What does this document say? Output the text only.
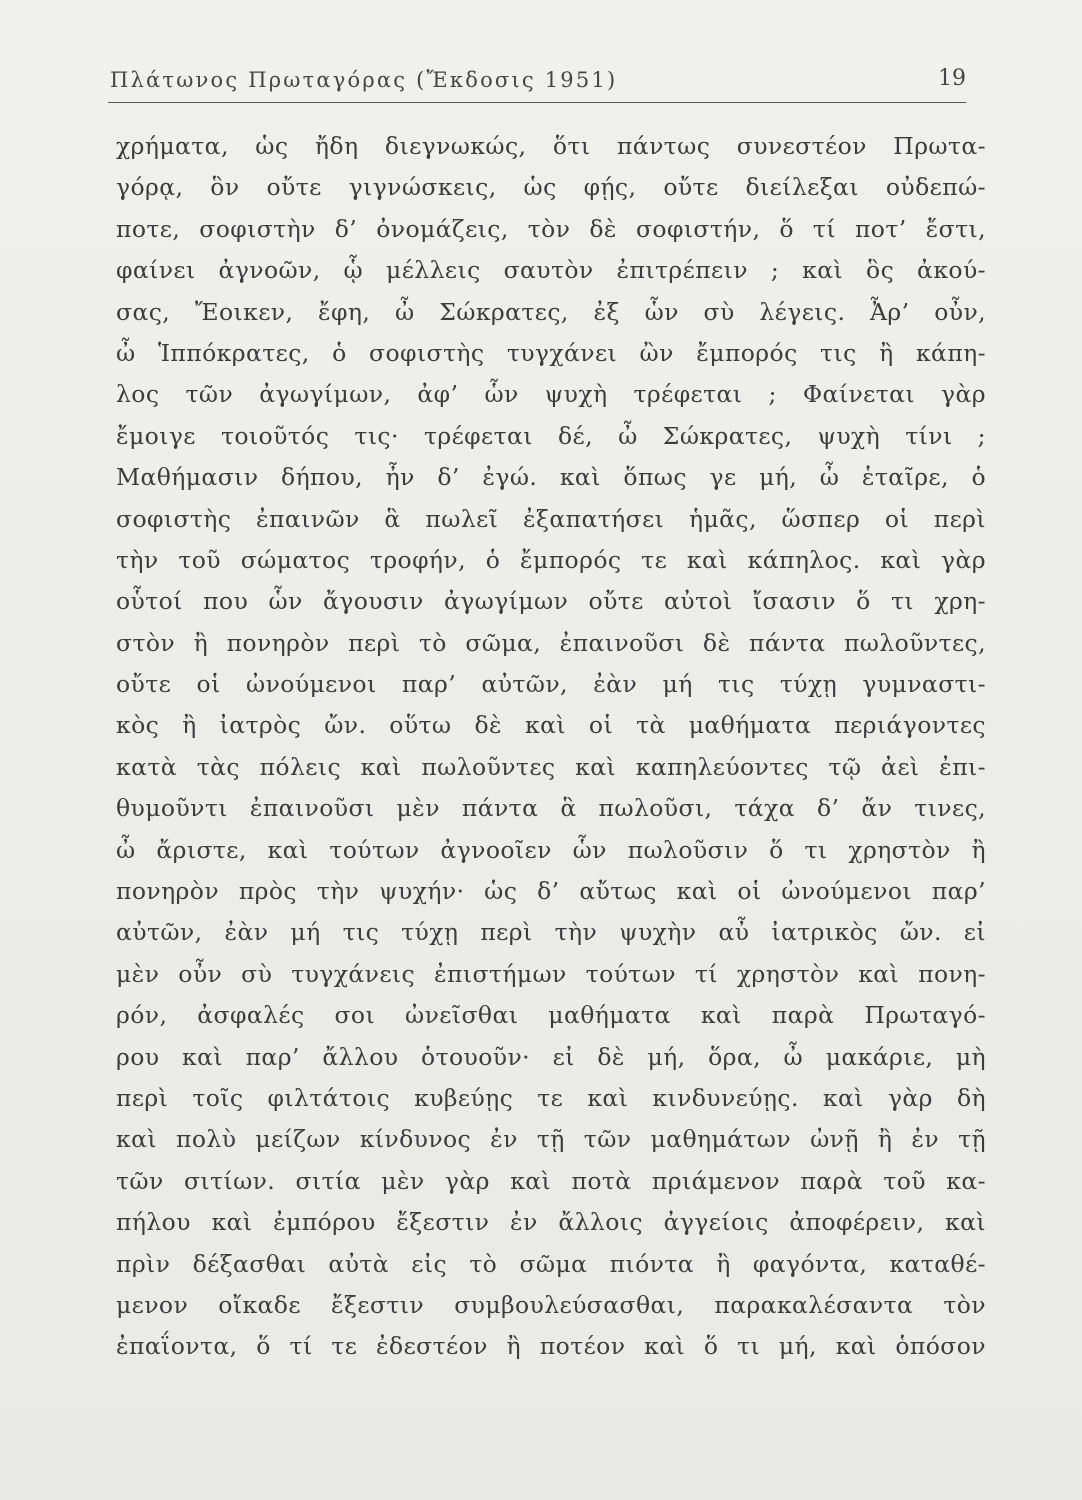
Πλάτωνος Πρωταγόρας (Ἔκδοσις 1951)	19
χρήματα, ὡς ἤδη διεγνωκώς, ὅτι πάντως συνεστέον Πρωτα-
γόρᾳ, ὃν οὔτε γιγνώσκεις, ὡς φῄς, οὔτε διείλεξαι οὐδεπώ-
ποτε, σοφιστὴν δ’ ὀνομάζεις, τὸν δὲ σοφιστήν, ὅ τί ποτ’ ἔστι,
φαίνει ἀγνοῶν, ᾧ μέλλεις σαυτὸν ἐπιτρέπειν ; καὶ ὃς ἀκού-
σας, Ἔοικεν, ἔφη, ὦ Σώκρατες, ἐξ ὧν σὺ λέγεις. Ἆρ’ οὖν,
ὦ Ἱππόκρατες, ὁ σοφιστὴς τυγχάνει ὢν ἔμπορός τις ἢ κάπη-
λος τῶν ἀγωγίμων, ἀφ’ ὧν ψυχὴ τρέφεται ; Φαίνεται γὰρ
ἔμοιγε τοιοῦτός τις· τρέφεται δέ, ὦ Σώκρατες, ψυχὴ τίνι ;
Μαθήμασιν δήπου, ἦν δ’ ἐγώ. καὶ ὅπως γε μή, ὦ ἑταῖρε, ὁ
σοφιστὴς ἐπαινῶν ἃ πωλεῖ ἐξαπατήσει ἡμᾶς, ὥσπερ οἱ περὶ
τὴν τοῦ σώματος τροφήν, ὁ ἔμπορός τε καὶ κάπηλος. καὶ γὰρ
οὗτοί που ὧν ἄγουσιν ἀγωγίμων οὔτε αὐτοὶ ἴσασιν ὅ τι χρη-
στὸν ἢ πονηρὸν περὶ τὸ σῶμα, ἐπαινοῦσι δὲ πάντα πωλοῦντες,
οὔτε οἱ ὠνούμενοι παρ’ αὐτῶν, ἐὰν μή τις τύχῃ γυμναστι-
κὸς ἢ ἰατρὸς ὤν. οὕτω δὲ καὶ οἱ τὰ μαθήματα περιάγοντες
κατὰ τὰς πόλεις καὶ πωλοῦντες καὶ καπηλεύοντες τῷ ἀεὶ ἐπι-
θυμοῦντι ἐπαινοῦσι μὲν πάντα ἃ πωλοῦσι, τάχα δ’ ἄν τινες,
ὦ ἄριστε, καὶ τούτων ἀγνοοῖεν ὧν πωλοῦσιν ὅ τι χρηστὸν ἢ
πονηρὸν πρὸς τὴν ψυχήν· ὡς δ’ αὔτως καὶ οἱ ὠνούμενοι παρ’
αὐτῶν, ἐὰν μή τις τύχῃ περὶ τὴν ψυχὴν αὖ ἰατρικὸς ὤν. εἰ
μὲν οὖν σὺ τυγχάνεις ἐπιστήμων τούτων τί χρηστὸν καὶ πονη-
ρόν, ἀσφαλές σοι ὠνεῖσθαι μαθήματα καὶ παρὰ Πρωταγό-
ρου καὶ παρ’ ἄλλου ὁτουοῦν· εἰ δὲ μή, ὅρα, ὦ μακάριε, μὴ
περὶ τοῖς φιλτάτοις κυβεύῃς τε καὶ κινδυνεύῃς. καὶ γὰρ δὴ
καὶ πολὺ μείζων κίνδυνος ἐν τῇ τῶν μαθημάτων ὠνῇ ἢ ἐν τῇ
τῶν σιτίων. σιτία μὲν γὰρ καὶ ποτὰ πριάμενον παρὰ τοῦ κα-
πήλου καὶ ἐμπόρου ἔξεστιν ἐν ἄλλοις ἀγγείοις ἀποφέρειν, καὶ
πρὶν δέξασθαι αὐτὰ εἰς τὸ σῶμα πιόντα ἢ φαγόντα, καταθέ-
μενον οἴκαδε ἔξεστιν συμβουλεύσασθαι, παρακαλέσαντα τὸν
ἐπαΐοντα, ὅ τί τε ἐδεστέον ἢ ποτέον καὶ ὅ τι μή, καὶ ὁπόσον
